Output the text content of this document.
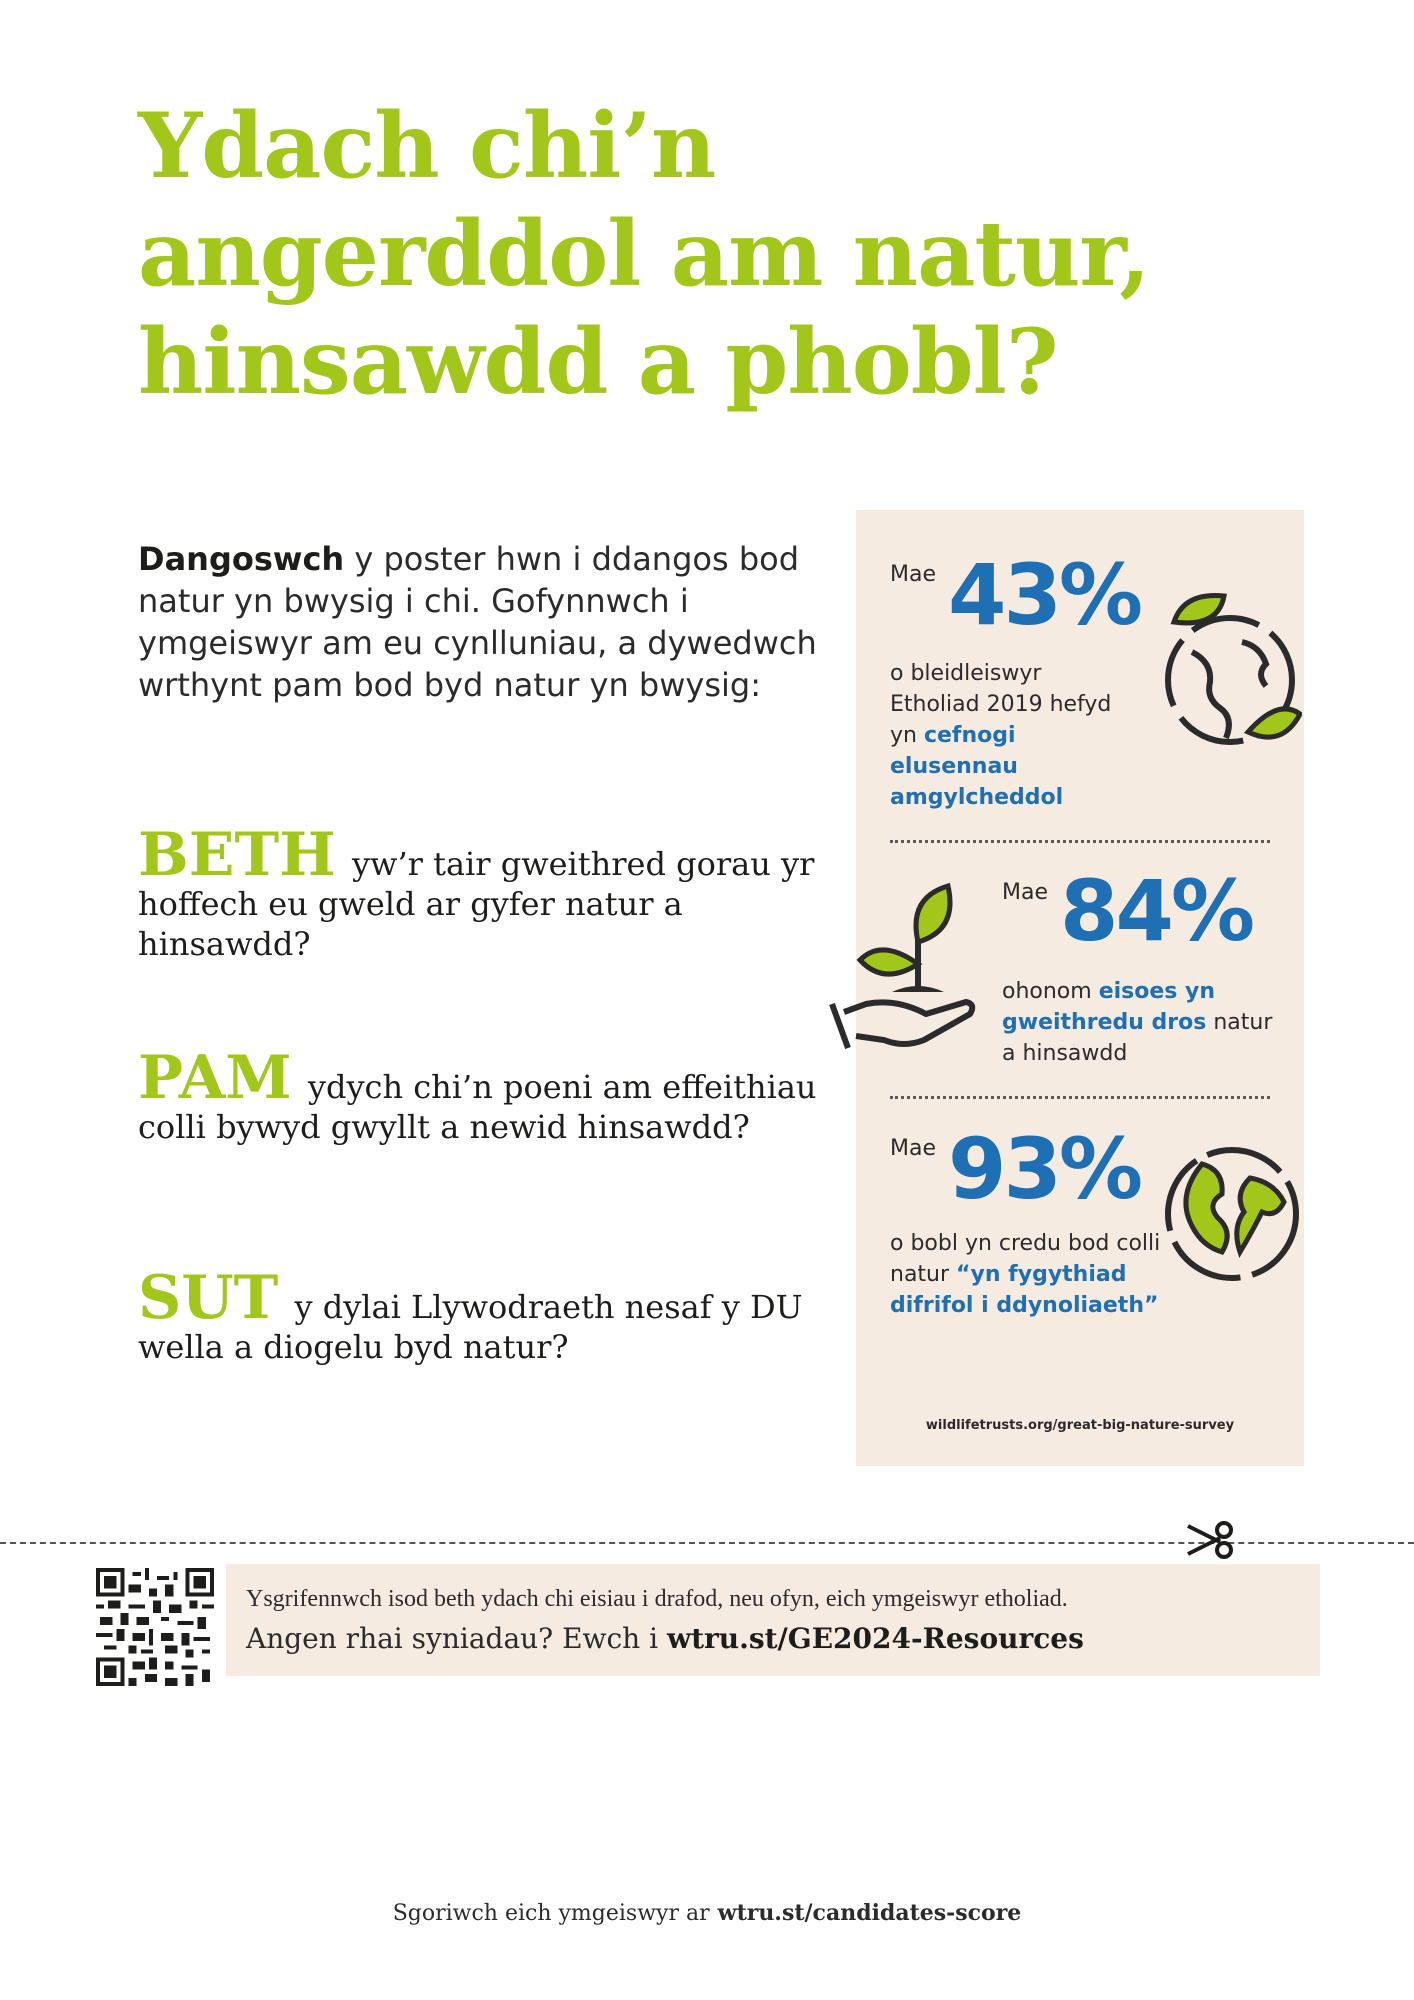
Ydach chi’n
angerddol am natur,
hinsawdd a phobl?
Dangoswch y poster hwn i ddangos bod natur yn bwysig i chi. Gofynnwch i ymgeiswyr am eu cynlluniau, a dywedwch wrthynt pam bod byd natur yn bwysig:
BETH yw’r tair gweithred gorau yr hoffech eu gweld ar gyfer natur a hinsawdd?
PAM ydych chi’n poeni am effeithiau colli bywyd gwyllt a newid hinsawdd?
SUT y dylai Llywodraeth nesaf y DU wella a diogelu byd natur?
Mae 43%
o bleidleiswyr Etholiad 2019 hefyd yn cefnogi elusennau amgylcheddol
Mae 84%
ohonom eisoes yn gweithredu dros natur a hinsawdd
Mae 93%
o bobl yn credu bod colli natur “yn fygythiad difrifol i ddynoliaeth”
wildlifetrusts.org/great-big-nature-survey
Ysgrifennwch isod beth ydach chi eisiau i drafod, neu ofyn, eich ymgeiswyr etholiad.
Angen rhai syniadau? Ewch i wtru.st/GE2024-Resources
Sgoriwch eich ymgeiswyr ar wtru.st/candidates-score
